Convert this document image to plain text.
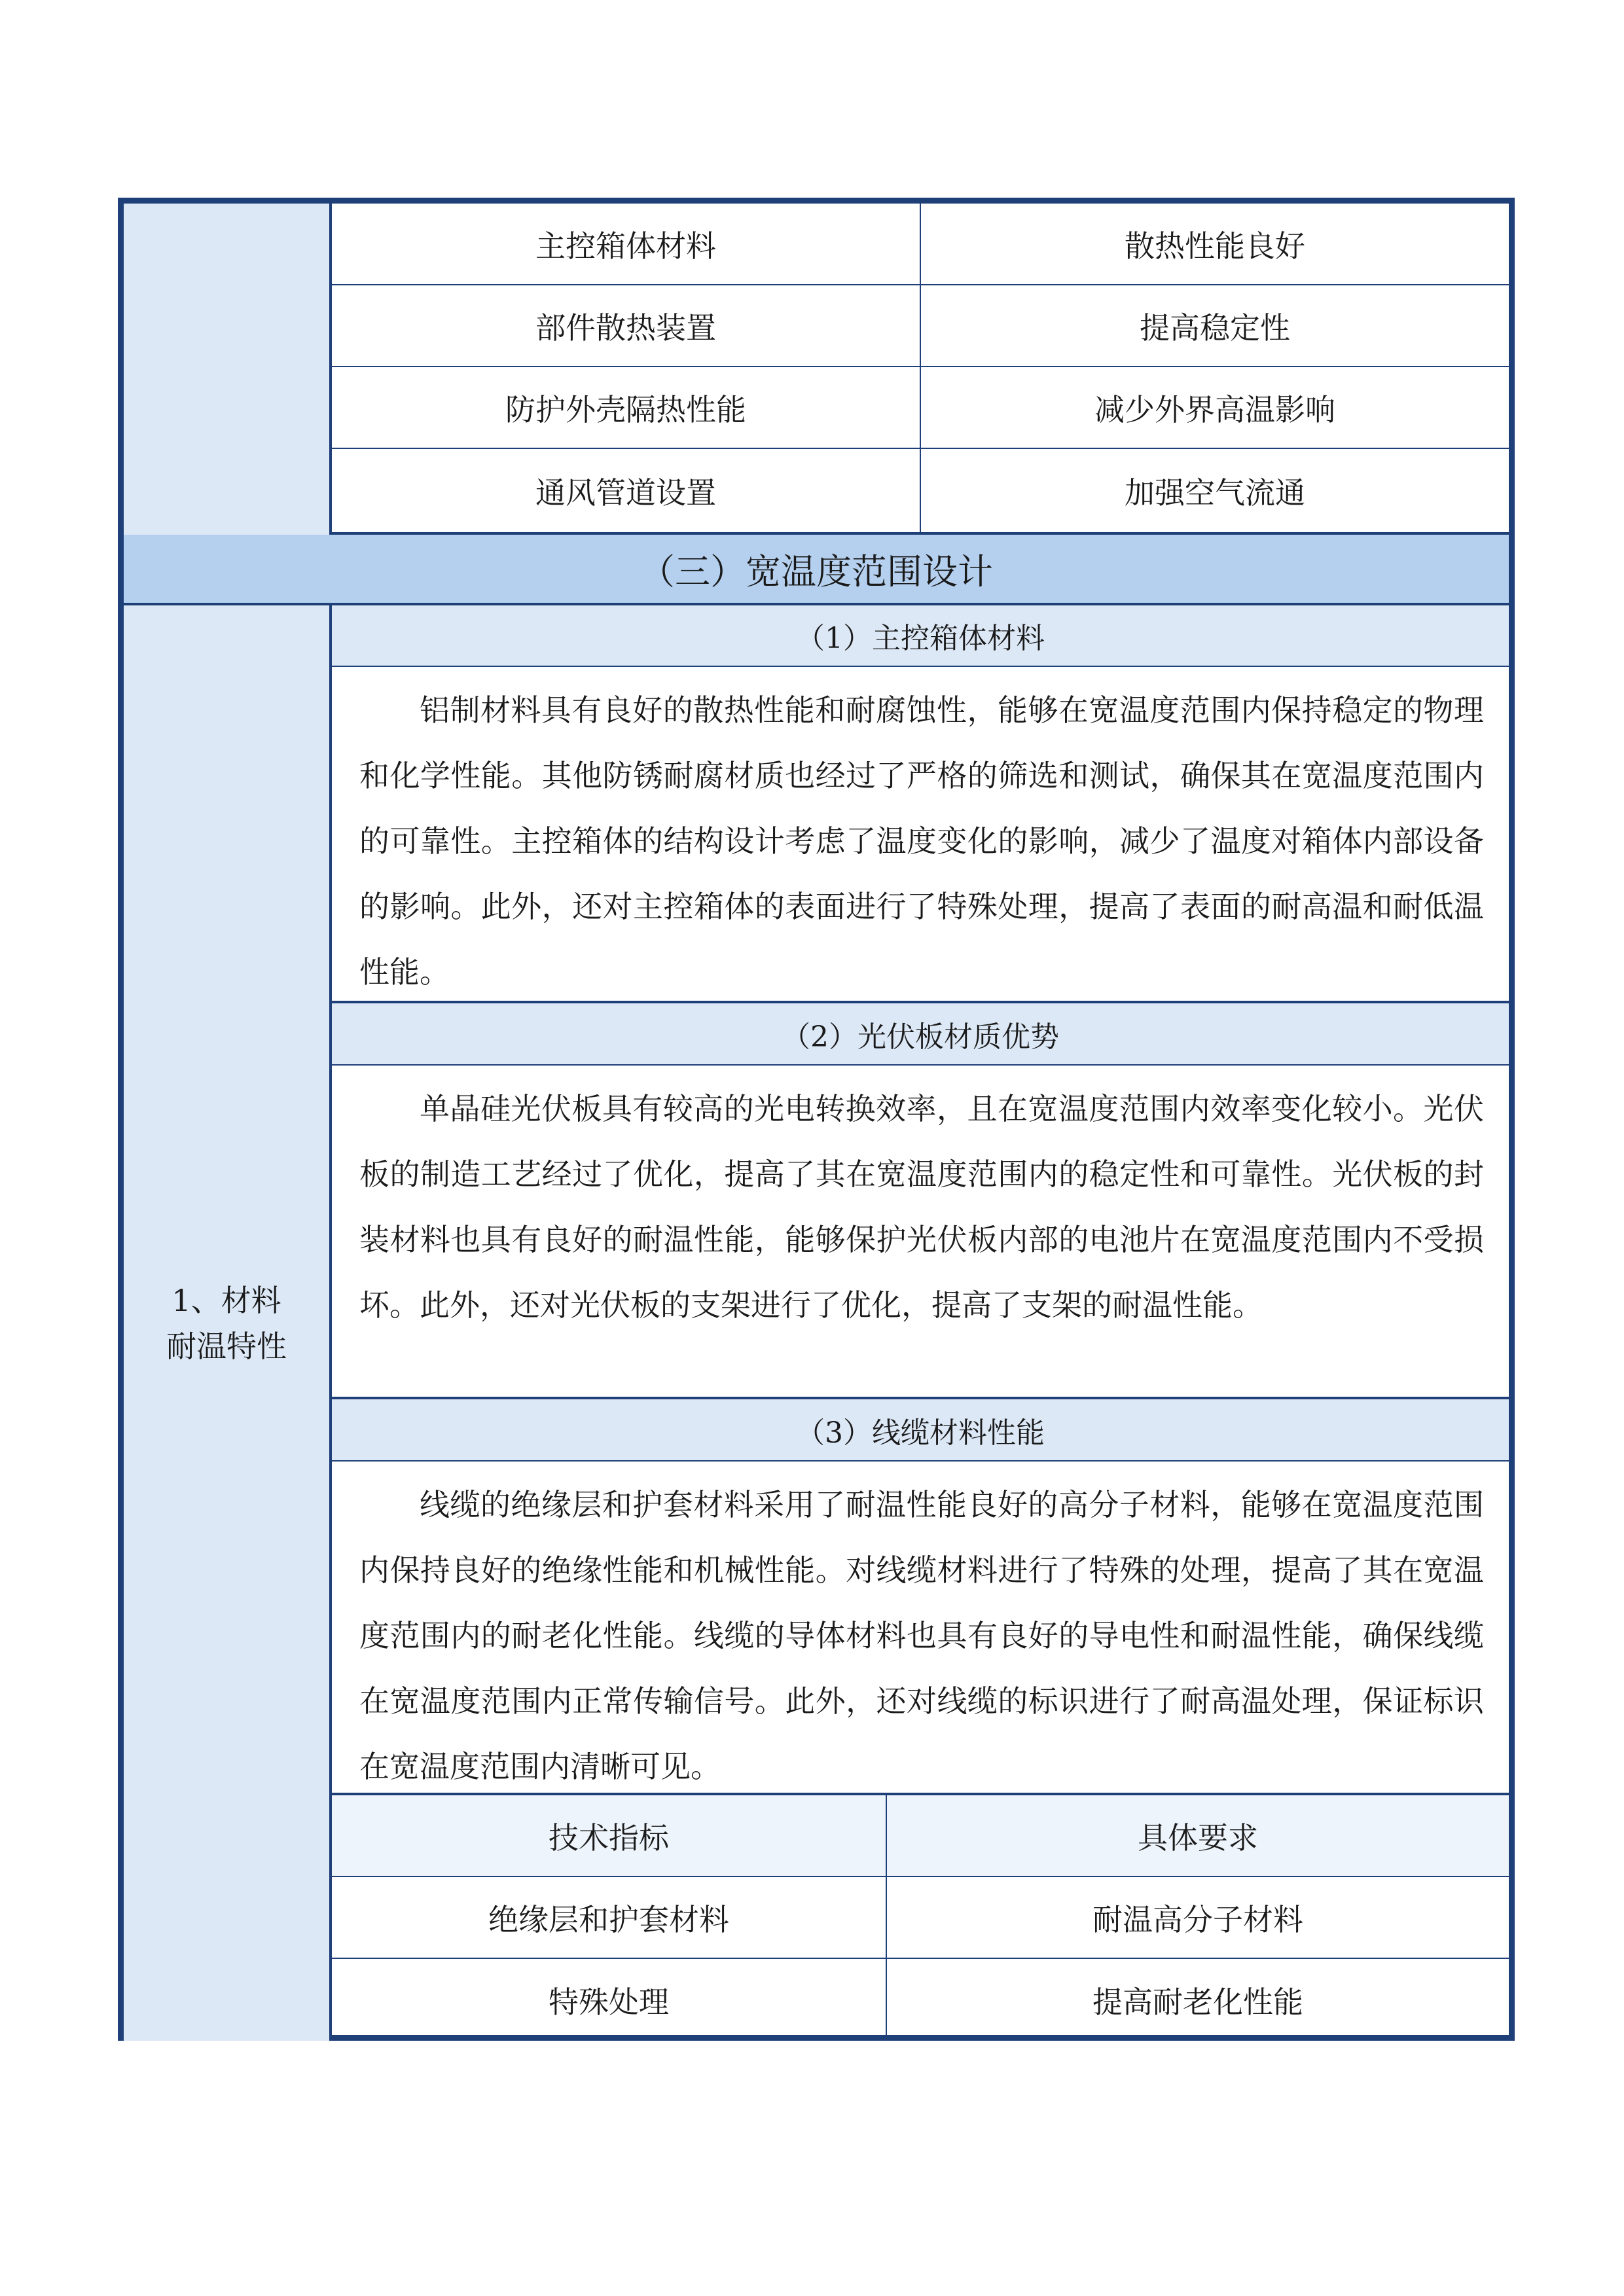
主控箱体材料	散热性能良好
部件散热装置	提高稳定性
防护外壳隔热性能	减少外界高温影响
通风管道设置	加强空气流通
（三）宽温度范围设计
1、材料耐温特性
（1）主控箱体材料

铝制材料具有良好的散热性能和耐腐蚀性，能够在宽温度范围内保持稳定的物理和化学性能。其他防锈耐腐材质也经过了严格的筛选和测试，确保其在宽温度范围内的可靠性。主控箱体的结构设计考虑了温度变化的影响，减少了温度对箱体内部设备的影响。此外，还对主控箱体的表面进行了特殊处理，提高了表面的耐高温和耐低温性能。

（2）光伏板材质优势

单晶硅光伏板具有较高的光电转换效率，且在宽温度范围内效率变化较小。光伏板的制造工艺经过了优化，提高了其在宽温度范围内的稳定性和可靠性。光伏板的封装材料也具有良好的耐温性能，能够保护光伏板内部的电池片在宽温度范围内不受损坏。此外，还对光伏板的支架进行了优化，提高了支架的耐温性能。

（3）线缆材料性能

线缆的绝缘层和护套材料采用了耐温性能良好的高分子材料，能够在宽温度范围内保持良好的绝缘性能和机械性能。对线缆材料进行了特殊的处理，提高了其在宽温度范围内的耐老化性能。线缆的导体材料也具有良好的导电性和耐温性能，确保线缆在宽温度范围内正常传输信号。此外，还对线缆的标识进行了耐高温处理，保证标识在宽温度范围内清晰可见。

技术指标	具体要求
绝缘层和护套材料	耐温高分子材料
特殊处理	提高耐老化性能
